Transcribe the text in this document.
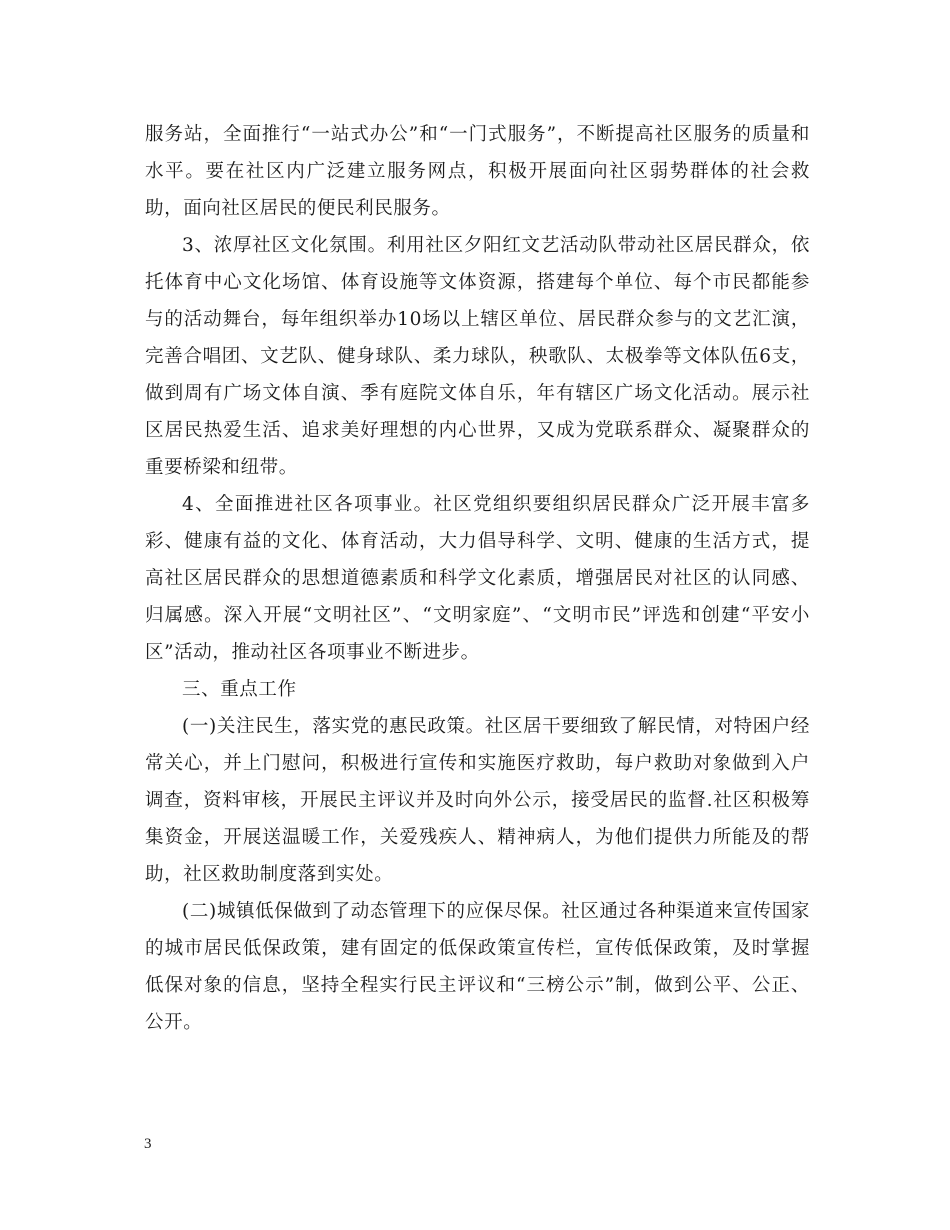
服务站，全面推行“一站式办公”和“一门式服务”，不断提高社区服务的质量和水平。要在社区内广泛建立服务网点，积极开展面向社区弱势群体的社会救助，面向社区居民的便民利民服务。

3、浓厚社区文化氛围。利用社区夕阳红文艺活动队带动社区居民群众，依托体育中心文化场馆、体育设施等文体资源，搭建每个单位、每个市民都能参与的活动舞台，每年组织举办10场以上辖区单位、居民群众参与的文艺汇演，完善合唱团、文艺队、健身球队、柔力球队，秧歌队、太极拳等文体队伍6支，做到周有广场文体自演、季有庭院文体自乐，年有辖区广场文化活动。展示社区居民热爱生活、追求美好理想的内心世界，又成为党联系群众、凝聚群众的重要桥梁和纽带。

4、全面推进社区各项事业。社区党组织要组织居民群众广泛开展丰富多彩、健康有益的文化、体育活动，大力倡导科学、文明、健康的生活方式，提高社区居民群众的思想道德素质和科学文化素质，增强居民对社区的认同感、归属感。深入开展“文明社区”、“文明家庭”、“文明市民”评选和创建“平安小区”活动，推动社区各项事业不断进步。

三、重点工作

(一)关注民生，落实党的惠民政策。社区居干要细致了解民情，对特困户经常关心，并上门慰问，积极进行宣传和实施医疗救助，每户救助对象做到入户调查，资料审核，开展民主评议并及时向外公示，接受居民的监督.社区积极筹集资金，开展送温暖工作，关爱残疾人、精神病人，为他们提供力所能及的帮助，社区救助制度落到实处。

(二)城镇低保做到了动态管理下的应保尽保。社区通过各种渠道来宣传国家的城市居民低保政策，建有固定的低保政策宣传栏，宣传低保政策，及时掌握低保对象的信息，坚持全程实行民主评议和“三榜公示”制，做到公平、公正、公开。

3
